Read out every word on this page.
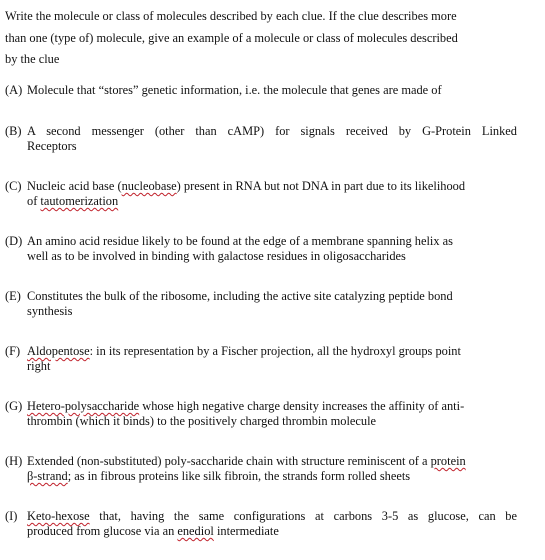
Write the molecule or class of molecules described by each clue. If the clue describes more
than one (type of) molecule, give an example of a molecule or class of molecules described
by the clue
(A) Molecule that “stores” genetic information, i.e. the molecule that genes are made of
(B) A second messenger (other than cAMP) for signals received by G-Protein Linked
Receptors
(C) Nucleic acid base (nucleobase) present in RNA but not DNA in part due to its likelihood
of tautomerization
(D) An amino acid residue likely to be found at the edge of a membrane spanning helix as
well as to be involved in binding with galactose residues in oligosaccharides
(E) Constitutes the bulk of the ribosome, including the active site catalyzing peptide bond
synthesis
(F) Aldopentose: in its representation by a Fischer projection, all the hydroxyl groups point
right
(G) Hetero-polysaccharide whose high negative charge density increases the affinity of anti-
thrombin (which it binds) to the positively charged thrombin molecule
(H) Extended (non-substituted) poly-saccharide chain with structure reminiscent of a protein
β-strand; as in fibrous proteins like silk fibroin, the strands form rolled sheets
(I) Keto-hexose that, having the same configurations at carbons 3-5 as glucose, can be
produced from glucose via an enediol intermediate
